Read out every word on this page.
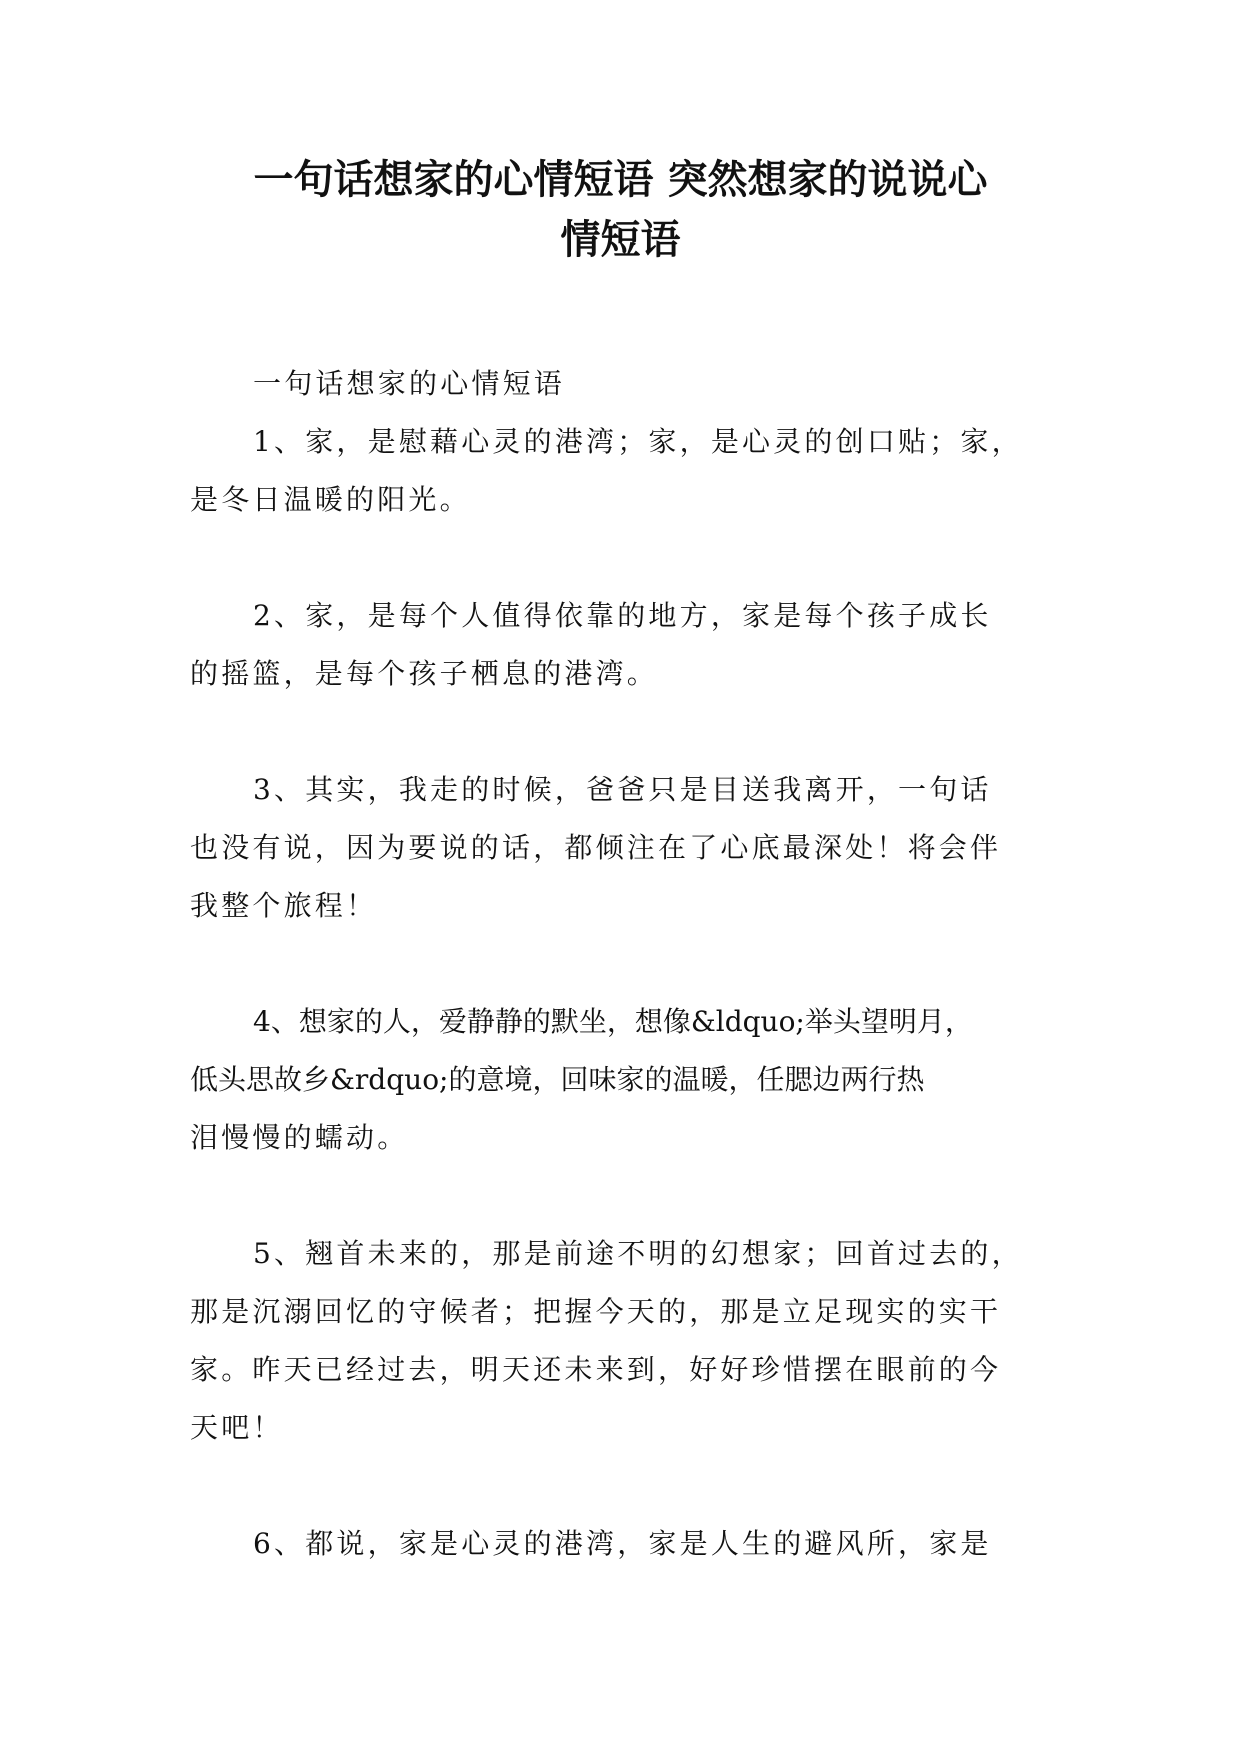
一句话想家的心情短语 突然想家的说说心
情短语

一句话想家的心情短语

1、家，是慰藉心灵的港湾；家，是心灵的创口贴；家，
是冬日温暖的阳光。

2、家，是每个人值得依靠的地方，家是每个孩子成长
的摇篮，是每个孩子栖息的港湾。

3、其实，我走的时候，爸爸只是目送我离开，一句话
也没有说，因为要说的话，都倾注在了心底最深处！将会伴
我整个旅程！

4、想家的人，爱静静的默坐，想像&ldquo;举头望明月，
低头思故乡&rdquo;的意境，回味家的温暖，任腮边两行热
泪慢慢的蠕动。

5、翘首未来的，那是前途不明的幻想家；回首过去的，
那是沉溺回忆的守候者；把握今天的，那是立足现实的实干
家。昨天已经过去，明天还未来到，好好珍惜摆在眼前的今
天吧！

6、都说，家是心灵的港湾，家是人生的避风所，家是
